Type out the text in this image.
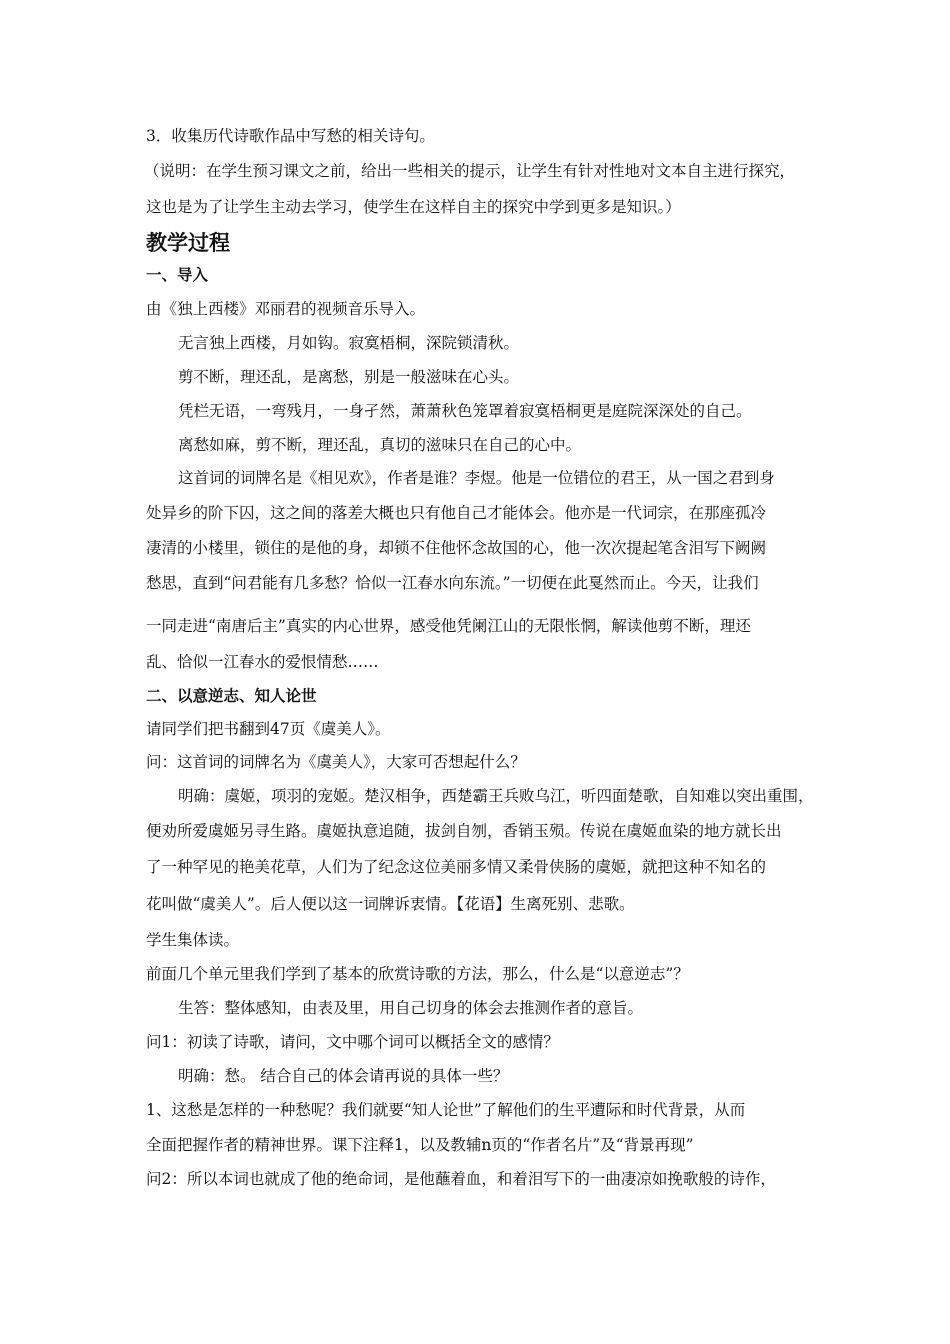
3．收集历代诗歌作品中写愁的相关诗句。
（说明：在学生预习课文之前，给出一些相关的提示，让学生有针对性地对文本自主进行探究，
这也是为了让学生主动去学习，使学生在这样自主的探究中学到更多是知识。）
教学过程
一、导入
由《独上西楼》邓丽君的视频音乐导入。
无言独上西楼，月如钩。寂寞梧桐，深院锁清秋。
剪不断，理还乱，是离愁，别是一般滋味在心头。
凭栏无语，一弯残月，一身孑然，萧萧秋色笼罩着寂寞梧桐更是庭院深深处的自己。
离愁如麻，剪不断，理还乱，真切的滋味只在自己的心中。
这首词的词牌名是《相见欢》，作者是谁？李煜。他是一位错位的君王，从一国之君到身
处异乡的阶下囚，这之间的落差大概也只有他自己才能体会。他亦是一代词宗，在那座孤冷
凄清的小楼里，锁住的是他的身，却锁不住他怀念故国的心，他一次次提起笔含泪写下阙阙
愁思，直到“问君能有几多愁？恰似一江春水向东流。”一切便在此戛然而止。今天，让我们
一同走进“南唐后主”真实的内心世界，感受他凭阑江山的无限怅惘，解读他剪不断，理还
乱、恰似一江春水的爱恨情愁……
二、以意逆志、知人论世
请同学们把书翻到47页《虞美人》。
问：这首词的词牌名为《虞美人》，大家可否想起什么？
明确：虞姬，项羽的宠姬。楚汉相争，西楚霸王兵败乌江，听四面楚歌，自知难以突出重围，
便劝所爱虞姬另寻生路。虞姬执意追随，拔剑自刎，香销玉殒。传说在虞姬血染的地方就长出
了一种罕见的艳美花草，人们为了纪念这位美丽多情又柔骨侠肠的虞姬，就把这种不知名的
花叫做“虞美人”。后人便以这一词牌诉衷情。【花语】生离死别、悲歌。
学生集体读。
前面几个单元里我们学到了基本的欣赏诗歌的方法，那么，什么是“以意逆志”？
生答：整体感知，由表及里，用自己切身的体会去推测作者的意旨。
问1：初读了诗歌，请问，文中哪个词可以概括全文的感情？
明确：愁。 结合自己的体会请再说的具体一些？
1、这愁是怎样的一种愁呢？我们就要“知人论世”了解他们的生平遭际和时代背景，从而
全面把握作者的精神世界。课下注释1，以及教辅n页的“作者名片”及“背景再现”
问2：所以本词也就成了他的绝命词，是他蘸着血，和着泪写下的一曲凄凉如挽歌般的诗作，
